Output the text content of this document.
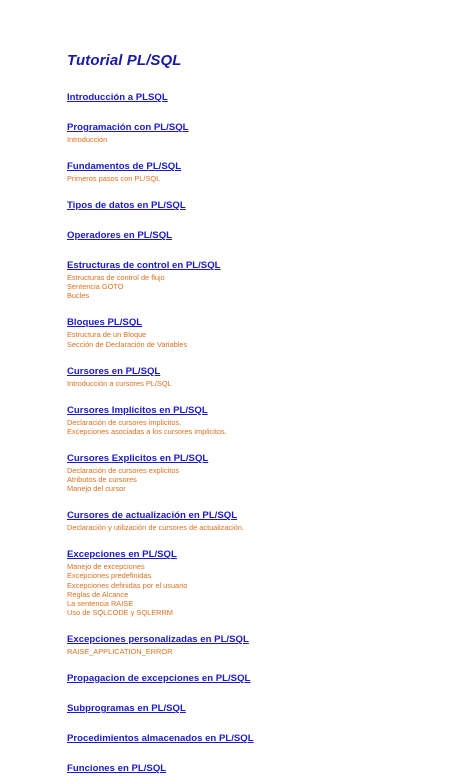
Tutorial PL/SQL
Introducción a PLSQL
Programación con PL/SQL
Introducción
Fundamentos de PL/SQL
Primeros pasos con PL/SQL
Tipos de datos en PL/SQL
Operadores en PL/SQL
Estructuras de control en PL/SQL
Estructuras de control de flujo
Sentencia GOTO
Bucles
Bloques PL/SQL
Estructura de un Bloque
Sección de Declaración de Variables
Cursores en PL/SQL
Introducción a cursores PL/SQL
Cursores Implicitos en PL/SQL
Declaración de cursores implicitos.
Excepciones asociadas a los cursores implicitos.
Cursores Explicitos en PL/SQL
Declaración de cursores explicitos
Atributos de cursores
Manejo del cursor
Cursores de actualización en PL/SQL
Declaración y utilización de cursores de actualización.
Excepciones en PL/SQL
Manejo de excepciones
Excepciones predefinidas
Excepciones definidas por el usuario
Reglas de Alcance
La sentencia RAISE
Uso de SQLCODE y SQLERRM
Excepciones personalizadas en PL/SQL
RAISE_APPLICATION_ERROR
Propagacion de excepciones en PL/SQL
Subprogramas en PL/SQL
Procedimientos almacenados en PL/SQL
Funciones en PL/SQL
